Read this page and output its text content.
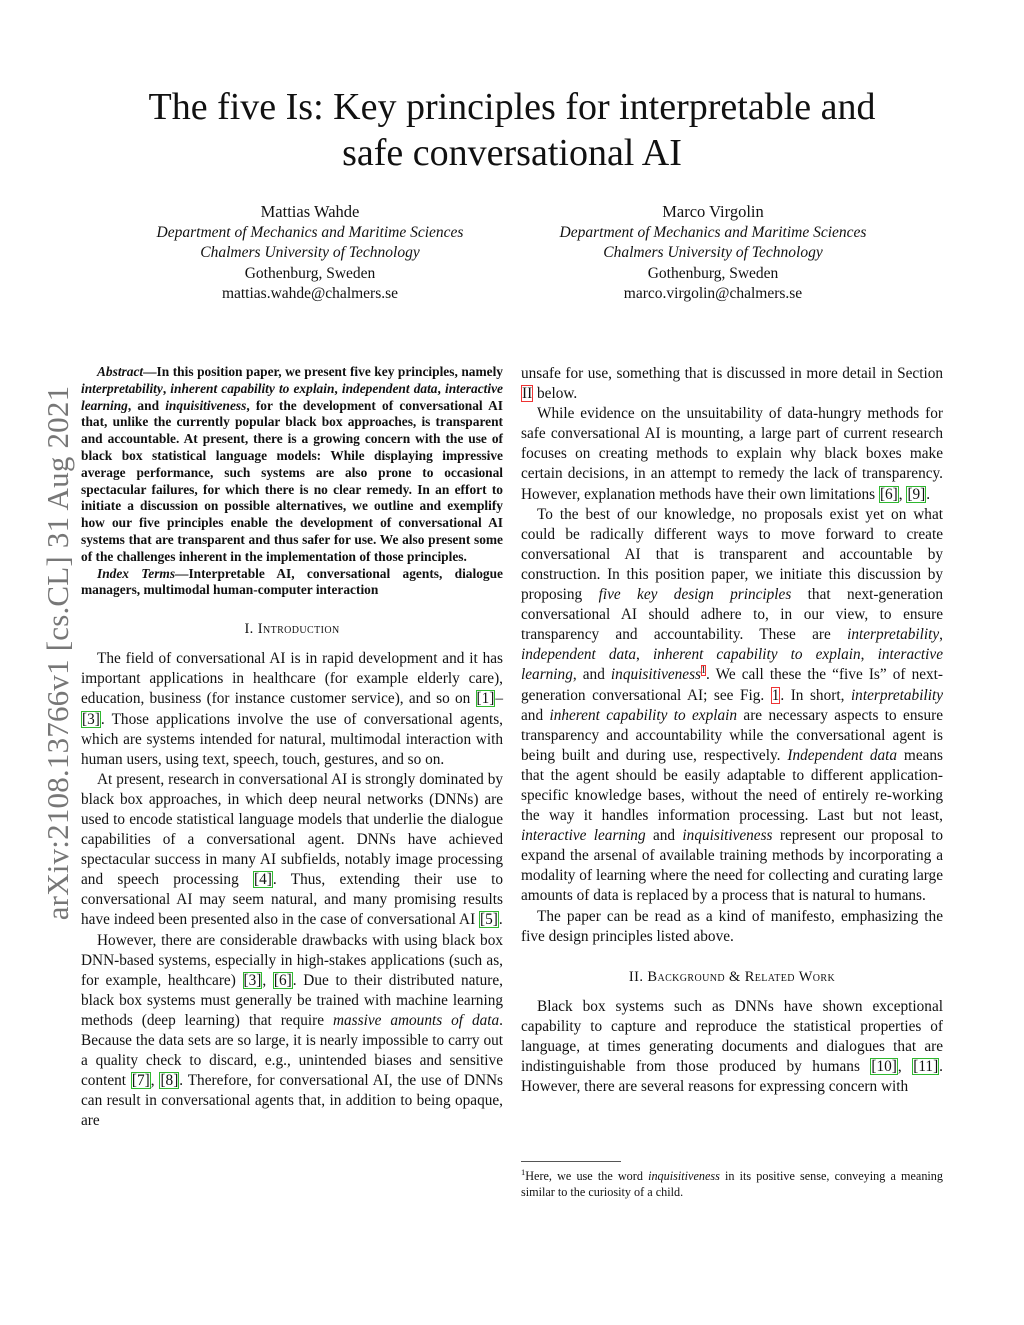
The five Is: Key principles for interpretable and
safe conversational AI
Mattias Wahde
Department of Mechanics and Maritime Sciences
Chalmers University of Technology
Gothenburg, Sweden
mattias.wahde@chalmers.se
Marco Virgolin
Department of Mechanics and Maritime Sciences
Chalmers University of Technology
Gothenburg, Sweden
marco.virgolin@chalmers.se
arXiv:2108.13766v1 [cs.CL] 31 Aug 2021

Abstract—In this position paper, we present five key principles, namely interpretability, inherent capability to explain, independent data, interactive learning, and inquisitiveness, for the development of conversational AI that, unlike the currently popular black box approaches, is transparent and accountable. At present, there is a growing concern with the use of black box statistical language models: While displaying impressive average performance, such systems are also prone to occasional spectacular failures, for which there is no clear remedy. In an effort to initiate a discussion on possible alternatives, we outline and exemplify how our five principles enable the development of conversational AI systems that are transparent and thus safer for use. We also present some of the challenges inherent in the implementation of those principles.

Index Terms—Interpretable AI, conversational agents, dialogue managers, multimodal human-computer interaction

I. Introduction

The field of conversational AI is in rapid development and it has important applications in healthcare (for example elderly care), education, business (for instance customer service), and so on [1]–[3]. Those applications involve the use of conversational agents, which are systems intended for natural, multimodal interaction with human users, using text, speech, touch, gestures, and so on.

At present, research in conversational AI is strongly dominated by black box approaches, in which deep neural networks (DNNs) are used to encode statistical language models that underlie the dialogue capabilities of a conversational agent. DNNs have achieved spectacular success in many AI subfields, notably image processing and speech processing [4]. Thus, extending their use to conversational AI may seem natural, and many promising results have indeed been presented also in the case of conversational AI [5].

However, there are considerable drawbacks with using black box DNN-based systems, especially in high-stakes applications (such as, for example, healthcare) [3], [6]. Due to their distributed nature, black box systems must generally be trained with machine learning methods (deep learning) that require massive amounts of data. Because the data sets are so large, it is nearly impossible to carry out a quality check to discard, e.g., unintended biases and sensitive content [7], [8]. Therefore, for conversational AI, the use of DNNs can result in conversational agents that, in addition to being opaque, are

unsafe for use, something that is discussed in more detail in Section II below.

While evidence on the unsuitability of data-hungry methods for safe conversational AI is mounting, a large part of current research focuses on creating methods to explain why black boxes make certain decisions, in an attempt to remedy the lack of transparency. However, explanation methods have their own limitations [6], [9].

To the best of our knowledge, no proposals exist yet on what could be radically different ways to move forward to create conversational AI that is transparent and accountable by construction. In this position paper, we initiate this discussion by proposing five key design principles that next-generation conversational AI should adhere to, in our view, to ensure transparency and accountability. These are interpretability, independent data, inherent capability to explain, interactive learning, and inquisitiveness$^1$. We call these the “five Is” of next-generation conversational AI; see Fig. 1. In short, interpretability and inherent capability to explain are necessary aspects to ensure transparency and accountability while the conversational agent is being built and during use, respectively. Independent data means that the agent should be easily adaptable to different application-specific knowledge bases, without the need of entirely re-working the way it handles information processing. Last but not least, interactive learning and inquisitiveness represent our proposal to expand the arsenal of available training methods by incorporating a modality of learning where the need for collecting and curating large amounts of data is replaced by a process that is natural to humans.

The paper can be read as a kind of manifesto, emphasizing the five design principles listed above.

II. Background & Related Work

Black box systems such as DNNs have shown exceptional capability to capture and reproduce the statistical properties of language, at times generating documents and dialogues that are indistinguishable from those produced by humans [10], [11]. However, there are several reasons for expressing concern with

$^1$Here, we use the word inquisitiveness in its positive sense, conveying a meaning similar to the curiosity of a child.
